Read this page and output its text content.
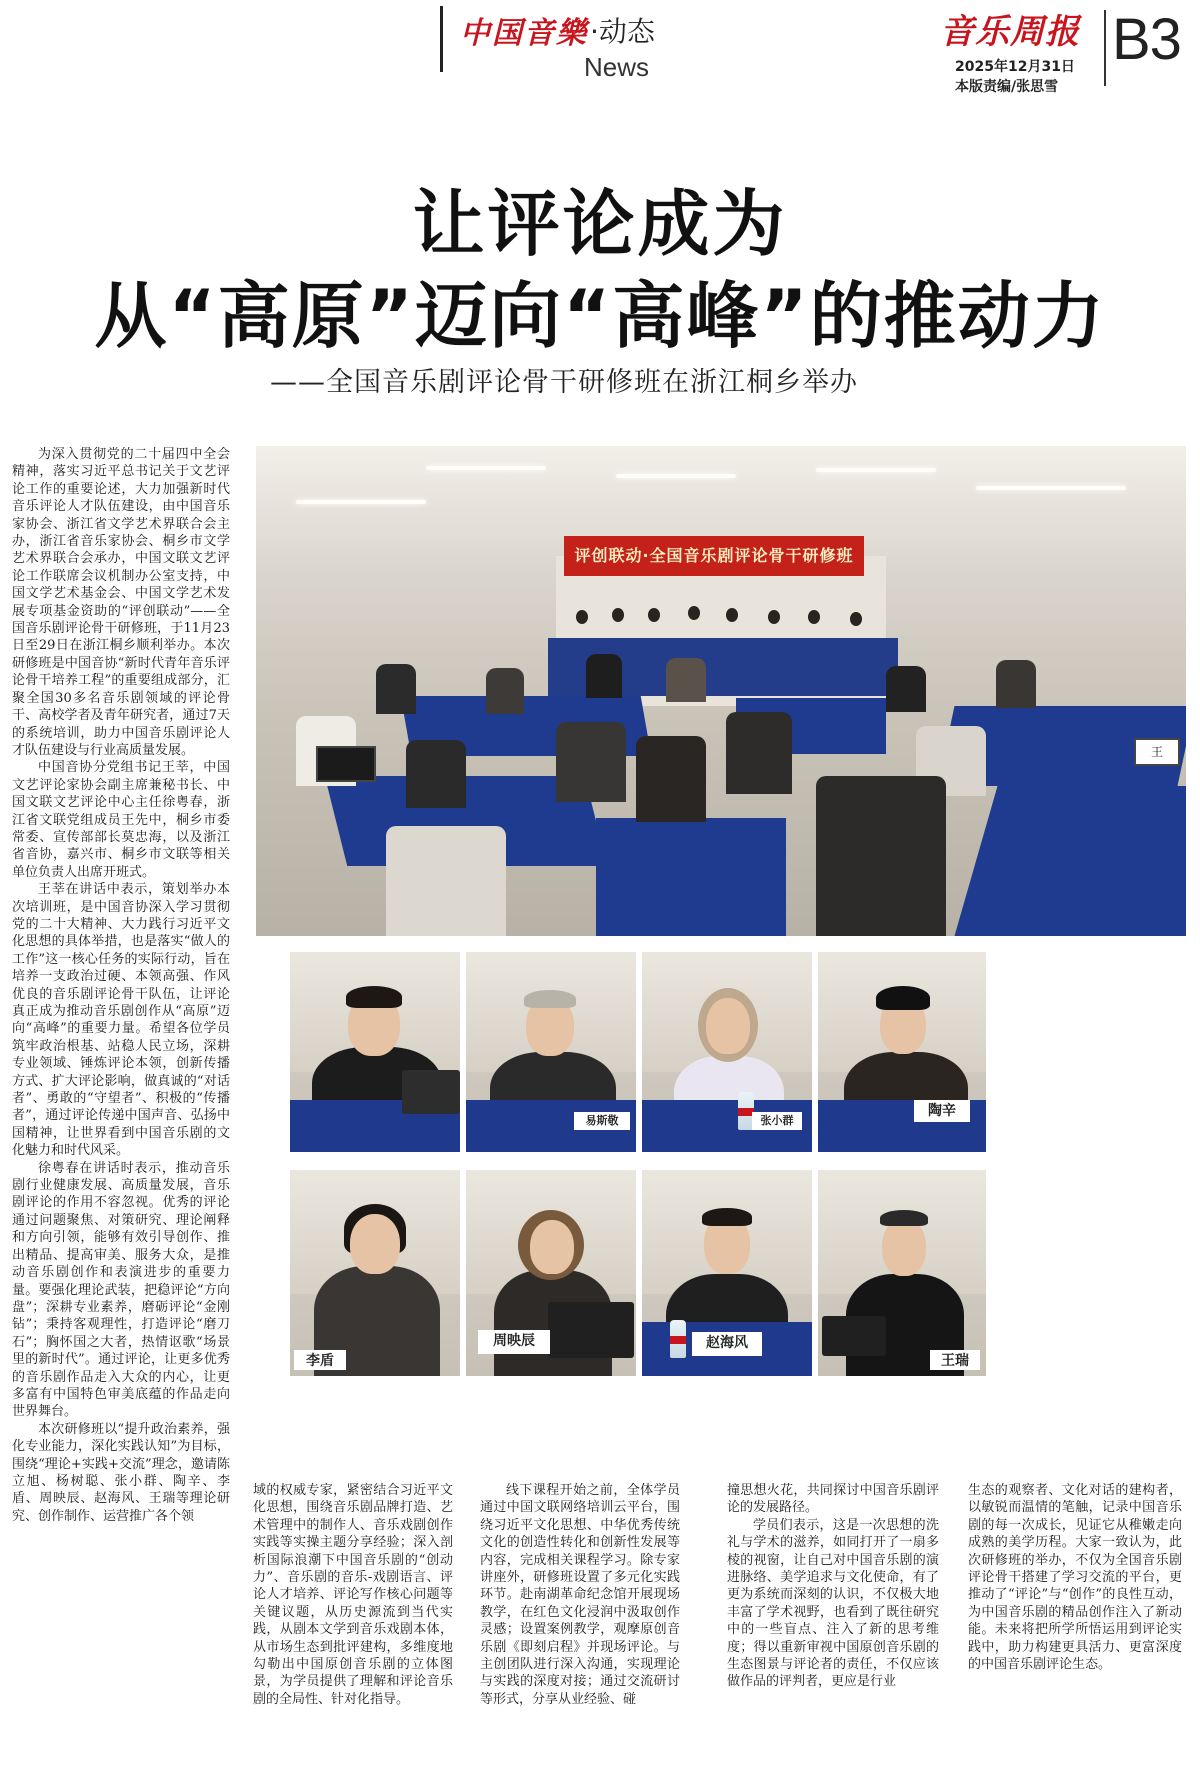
中国音樂 ·动态
News
音乐周报
2025年12月31日
本版责编/张思雪
B3
让评论成为
从“高原”迈向“高峰”的推动力
——全国音乐剧评论骨干研修班在浙江桐乡举办

为深入贯彻党的二十届四中全会精神，落实习近平总书记关于文艺评论工作的重要论述，大力加强新时代音乐评论人才队伍建设，由中国音乐家协会、浙江省文学艺术界联合会主办，浙江省音乐家协会、桐乡市文学艺术界联合会承办，中国文联文艺评论工作联席会议机制办公室支持，中国文学艺术基金会、中国文学艺术发展专项基金资助的“评创联动”——全国音乐剧评论骨干研修班，于11月23日至29日在浙江桐乡顺利举办。本次研修班是中国音协“新时代青年音乐评论骨干培养工程”的重要组成部分，汇聚全国30多名音乐剧领域的评论骨干、高校学者及青年研究者，通过7天的系统培训，助力中国音乐剧评论人才队伍建设与行业高质量发展。

中国音协分党组书记王莘，中国文艺评论家协会副主席兼秘书长、中国文联文艺评论中心主任徐粤春，浙江省文联党组成员王先中，桐乡市委常委、宣传部部长莫忠海，以及浙江省音协，嘉兴市、桐乡市文联等相关单位负责人出席开班式。

王莘在讲话中表示，策划举办本次培训班，是中国音协深入学习贯彻党的二十大精神、大力践行习近平文化思想的具体举措，也是落实“做人的工作”这一核心任务的实际行动，旨在培养一支政治过硬、本领高强、作风优良的音乐剧评论骨干队伍，让评论真正成为推动音乐剧创作从“高原”迈向“高峰”的重要力量。希望各位学员筑牢政治根基、站稳人民立场，深耕专业领域、锤炼评论本领，创新传播方式、扩大评论影响，做真诚的“对话者”、勇敢的“守望者”、积极的“传播者”，通过评论传递中国声音、弘扬中国精神，让世界看到中国音乐剧的文化魅力和时代风采。

徐粤春在讲话时表示，推动音乐剧行业健康发展、高质量发展，音乐剧评论的作用不容忽视。优秀的评论通过问题聚焦、对策研究、理论阐释和方向引领，能够有效引导创作、推出精品、提高审美、服务大众，是推动音乐剧创作和表演进步的重要力量。要强化理论武装，把稳评论“方向盘”；深耕专业素养，磨砺评论“金刚钻”；秉持客观理性，打造评论“磨刀石”；胸怀国之大者，热情讴歌“场景里的新时代”。通过评论，让更多优秀的音乐剧作品走入大众的内心，让更多富有中国特色审美底蕴的作品走向世界舞台。

本次研修班以“提升政治素养，强化专业能力，深化实践认知”为目标，围绕“理论+实践+交流”理念，邀请陈立旭、杨树聪、张小群、陶辛、李盾、周映辰、赵海风、王瑞等理论研究、创作制作、运营推广各个领

评创联动·全国音乐剧评论骨干研修班
王
易斯敬	张小群
陶辛
李盾
周映辰	赵海风
王瑞

域的权威专家，紧密结合习近平文化思想，围绕音乐剧品牌打造、艺术管理中的制作人、音乐戏剧创作实践等实操主题分享经验；深入剖析国际浪潮下中国音乐剧的“创动力”、音乐剧的音乐-戏剧语言、评论人才培养、评论写作核心问题等关键议题，从历史源流到当代实践，从剧本文学到音乐戏剧本体，从市场生态到批评建构，多维度地勾勒出中国原创音乐剧的立体图景，为学员提供了理解和评论音乐剧的全局性、针对化指导。

线下课程开始之前，全体学员通过中国文联网络培训云平台，围绕习近平文化思想、中华优秀传统文化的创造性转化和创新性发展等内容，完成相关课程学习。除专家讲座外，研修班设置了多元化实践环节。赴南湖革命纪念馆开展现场教学，在红色文化浸润中汲取创作灵感；设置案例教学，观摩原创音乐剧《即刻启程》并现场评论。与主创团队进行深入沟通，实现理论与实践的深度对接；通过交流研讨等形式，分享从业经验、碰

撞思想火花，共同探讨中国音乐剧评论的发展路径。

学员们表示，这是一次思想的洗礼与学术的滋养，如同打开了一扇多棱的视窗，让自己对中国音乐剧的演进脉络、美学追求与文化使命，有了更为系统而深刻的认识，不仅极大地丰富了学术视野，也看到了既往研究中的一些盲点、注入了新的思考维度；得以重新审视中国原创音乐剧的生态图景与评论者的责任，不仅应该做作品的评判者，更应是行业

生态的观察者、文化对话的建构者，以敏锐而温情的笔触，记录中国音乐剧的每一次成长，见证它从稚嫩走向成熟的美学历程。大家一致认为，此次研修班的举办，不仅为全国音乐剧评论骨干搭建了学习交流的平台，更推动了“评论”与“创作”的良性互动，为中国音乐剧的精品创作注入了新动能。未来将把所学所悟运用到评论实践中，助力构建更具活力、更富深度的中国音乐剧评论生态。
